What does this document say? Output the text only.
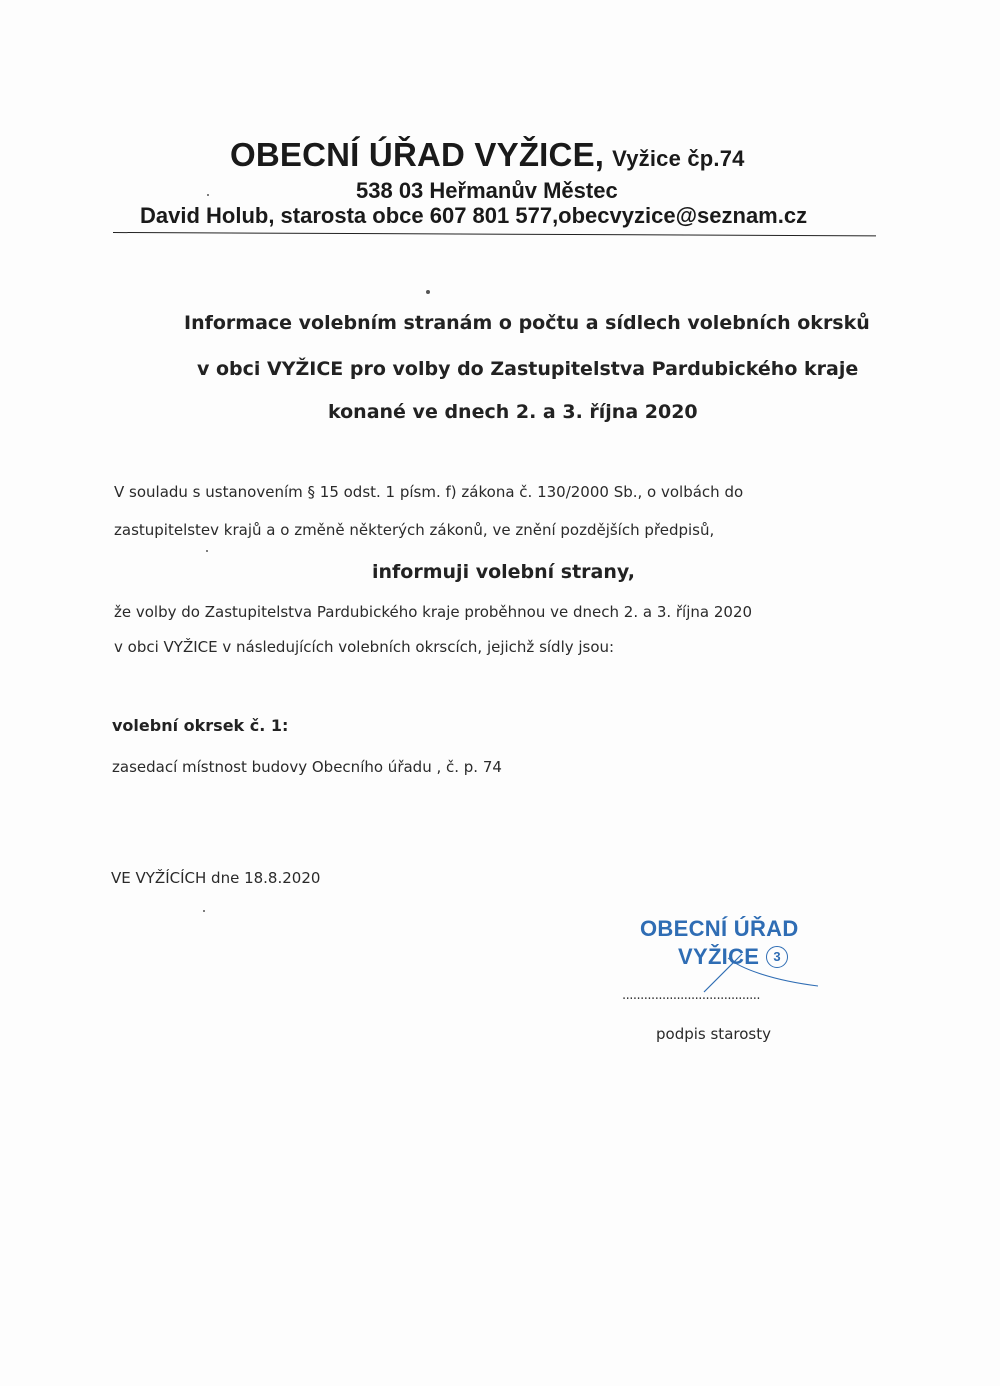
OBECNÍ ÚŘAD VYŽICE, Vyžice čp.74
538 03 Heřmanův Městec
David Holub, starosta obce 607 801 577,obecvyzice@seznam.cz
Informace volebním stranám o počtu a sídlech volebních okrsků
v obci VYŽICE pro volby do Zastupitelstva Pardubického kraje
konané ve dnech 2. a 3. října 2020
V souladu s ustanovením § 15 odst. 1 písm. f) zákona č. 130/2000 Sb., o volbách do
zastupitelstev krajů a o změně některých zákonů, ve znění pozdějších předpisů,
informuji volební strany,
že volby do Zastupitelstva Pardubického kraje proběhnou ve dnech 2. a 3. října 2020
v obci VYŽICE v následujících volebních okrscích, jejichž sídly jsou:
volební okrsek č. 1:
zasedací místnost budovy Obecního úřadu , č. p. 74
VE VYŽÍCÍCH dne 18.8.2020
OBECNÍ ÚŘAD
VYŽICE	3
......................................
podpis starosty
